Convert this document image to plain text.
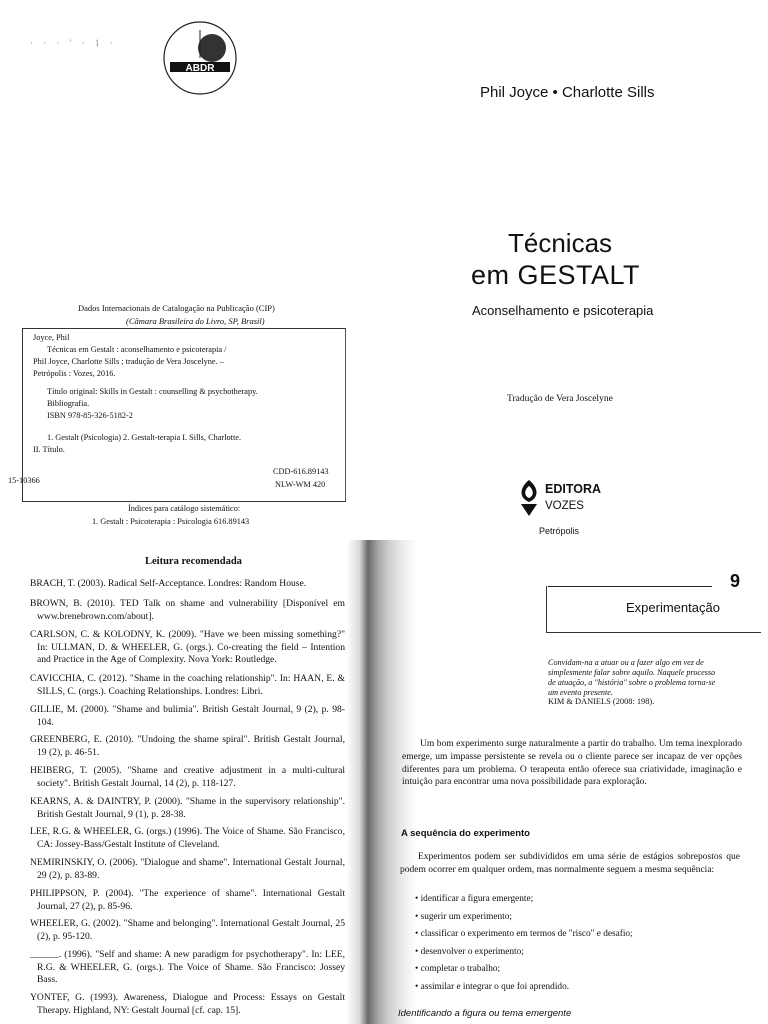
· · · ' · 1 ·
ABDR
Phil Joyce • Charlotte Sills
Técnicas
em GESTALT
Aconselhamento e psicoterapia
Tradução de Vera Joscelyne
EDITORA
VOZES
Petrópolis
Dados Internacionais de Catalogação na Publicação (CIP)
(Câmara Brasileira do Livro, SP, Brasil)
Joyce, Phil
Técnicas em Gestalt : aconselhamento e psicoterapia /
Phil Joyce, Charlotte Sills ; tradução de Vera Joscelyne. –
Petrópolis : Vozes, 2016.
Título original: Skills in Gestalt : counselling & psychotherapy.
Bibliografia.
ISBN 978-85-326-5182-2
1. Gestalt (Psicologia) 2. Gestalt-terapia I. Sills, Charlotte.
II. Título.
CDD-616.89143
NLW-WM 420
15-10366
Índices para catálogo sistemático:
1. Gestalt : Psicoterapia : Psicologia 616.89143
Leitura recomendada
BRACH, T. (2003). Radical Self-Acceptance. Londres: Random House.
BROWN, B. (2010). TED Talk on shame and vulnerability [Disponível em www.brenebrown.com/about].
CARLSON, C. & KOLODNY, K. (2009). "Have we been missing something?" In: ULLMAN, D. & WHEELER, G. (orgs.). Co-creating the field – Intention and Practice in the Age of Complexity. Nova York: Routledge.
CAVICCHIA, C. (2012). "Shame in the coaching relationship". In: HAAN, E. & SILLS, C. (orgs.). Coaching Relationships. Londres: Libri.
GILLIE, M. (2000). "Shame and bulimia". British Gestalt Journal, 9 (2), p. 98-104.
GREENBERG, E. (2010). "Undoing the shame spiral". British Gestalt Journal, 19 (2), p. 46-51.
HEIBERG, T. (2005). "Shame and creative adjustment in a multi-cultural society". British Gestalt Journal, 14 (2), p. 118-127.
KEARNS, A. & DAINTRY, P. (2000). "Shame in the supervisory relationship". British Gestalt Journal, 9 (1), p. 28-38.
LEE, R.G. & WHEELER, G. (orgs.) (1996). The Voice of Shame. São Francisco, CA: Jossey-Bass/Gestalt Institute of Cleveland.
NEMIRINSKIY, O. (2006). "Dialogue and shame". International Gestalt Journal, 29 (2), p. 83-89.
PHILIPPSON, P. (2004). "The experience of shame". International Gestalt Journal, 27 (2), p. 85-96.
WHEELER, G. (2002). "Shame and belonging". International Gestalt Journal, 25 (2), p. 95-120.
______. (1996). "Self and shame: A new paradigm for psychotherapy". In: LEE, R.G. & WHEELER, G. (orgs.). The Voice of Shame. São Francisco: Jossey Bass.
YONTEF, G. (1993). Awareness, Dialogue and Process: Essays on Gestalt Therapy. Highland, NY: Gestalt Journal [cf. cap. 15].
9
Experimentação
Convidam-na a atuar ou a fazer algo em vez de
simplesmente falar sobre aquilo. Naquele processo
de atuação, a "história" sobre o problema torna-se
um evento presente.
KIM & DANIELS (2008: 198).
Um bom experimento surge naturalmente a partir do trabalho. Um tema inexplorado emerge, um impasse persistente se revela ou o cliente parece ser incapaz de ver opções diferentes para um problema. O terapeuta então oferece sua criatividade, imaginação e intuição para encontrar uma nova possibilidade para exploração.
A sequência do experimento
Experimentos podem ser subdivididos em uma série de estágios sobrepostos que podem ocorrer em qualquer ordem, mas normalmente seguem a mesma sequência:
• identificar a figura emergente;
• sugerir um experimento;
• classificar o experimento em termos de "risco" e desafio;
• desenvolver o experimento;
• completar o trabalho;
• assimilar e integrar o que foi aprendido.
Identificando a figura ou tema emergente
